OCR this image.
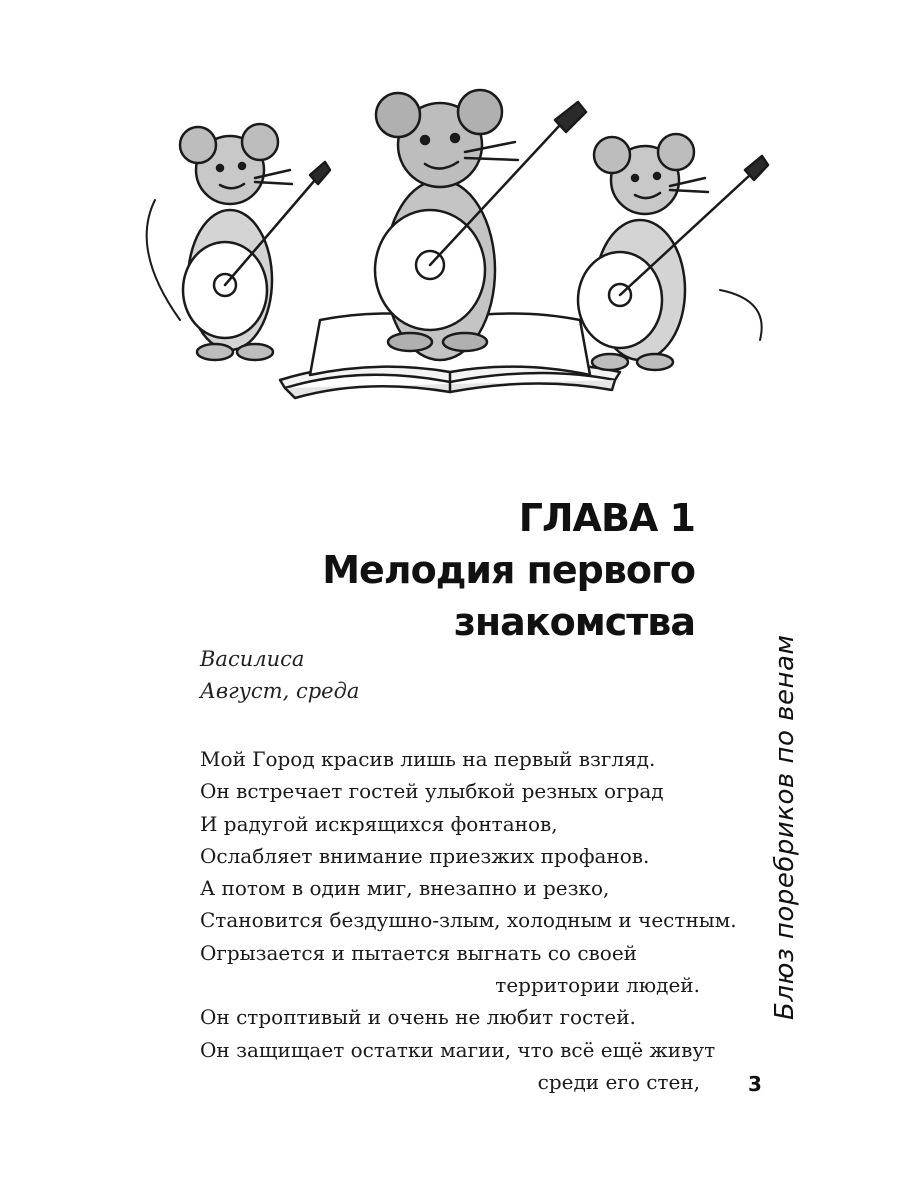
ГЛАВА 1
Мелодия первого
знакомства
Василиса
Август, среда
Мой Город красив лишь на первый взгляд.
Он встречает гостей улыбкой резных оград
И радугой искрящихся фонтанов,
Ослабляет внимание приезжих профанов.
А потом в один миг, внезапно и резко,
Становится бездушно-злым, холодным и честным.
Огрызается и пытается выгнать со своей
территории людей.
Он строптивый и очень не любит гостей.
Он защищает остатки магии, что всё ещё живут
среди его стен,
Блюз поребриков по венам
3
